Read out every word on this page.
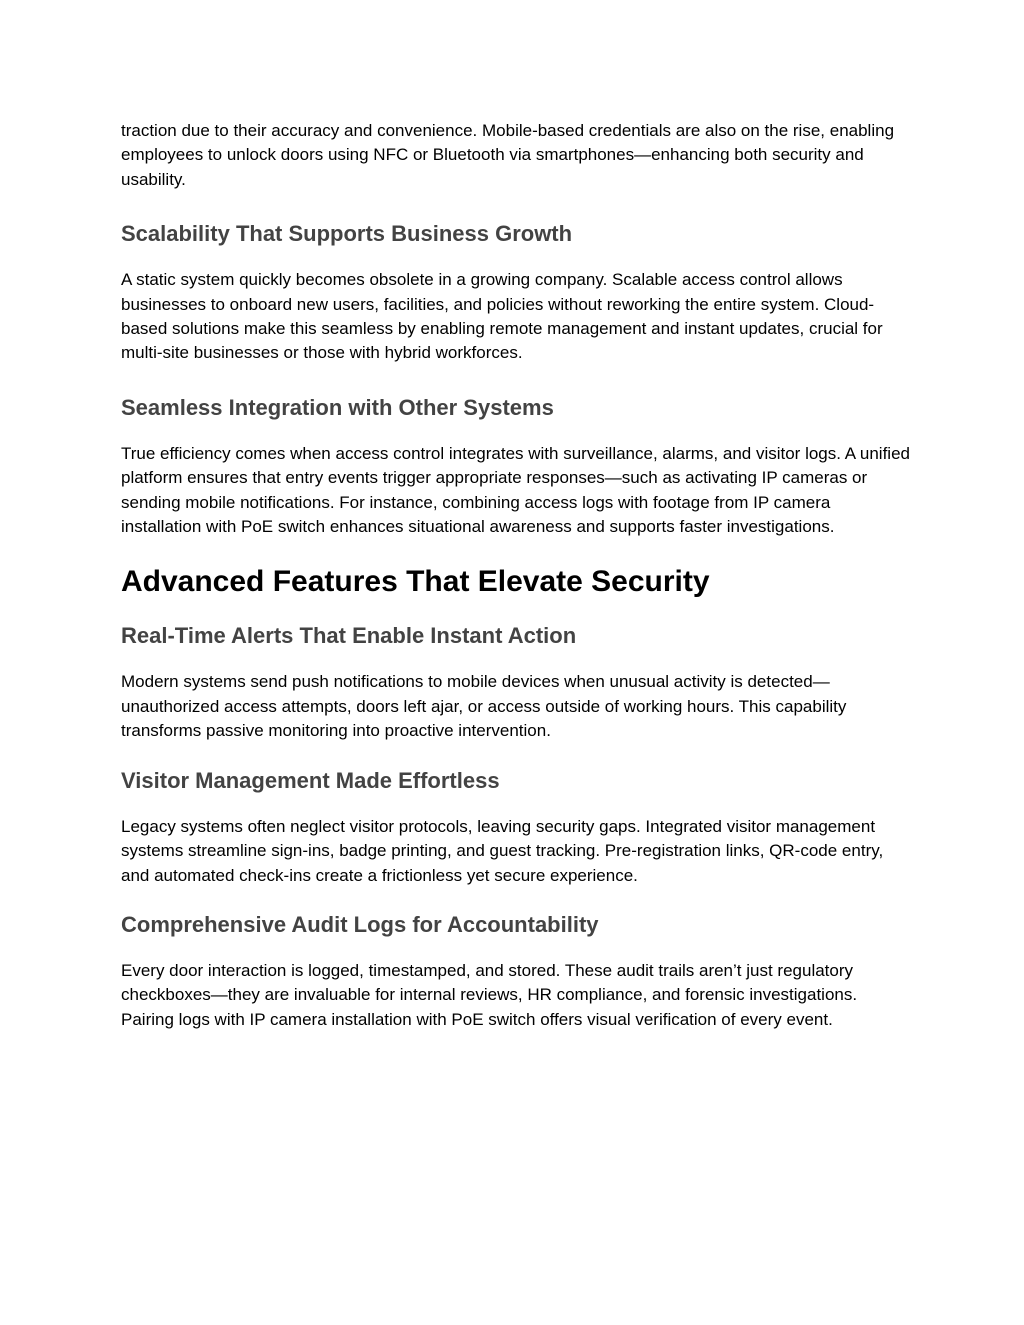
traction due to their accuracy and convenience. Mobile-based credentials are also on the rise, enabling employees to unlock doors using NFC or Bluetooth via smartphones—enhancing both security and usability.

Scalability That Supports Business Growth

A static system quickly becomes obsolete in a growing company. Scalable access control allows businesses to onboard new users, facilities, and policies without reworking the entire system. Cloud-based solutions make this seamless by enabling remote management and instant updates, crucial for multi-site businesses or those with hybrid workforces.

Seamless Integration with Other Systems

True efficiency comes when access control integrates with surveillance, alarms, and visitor logs. A unified platform ensures that entry events trigger appropriate responses—such as activating IP cameras or sending mobile notifications. For instance, combining access logs with footage from IP camera installation with PoE switch enhances situational awareness and supports faster investigations.

Advanced Features That Elevate Security
Real-Time Alerts That Enable Instant Action

Modern systems send push notifications to mobile devices when unusual activity is detected—unauthorized access attempts, doors left ajar, or access outside of working hours. This capability transforms passive monitoring into proactive intervention.

Visitor Management Made Effortless

Legacy systems often neglect visitor protocols, leaving security gaps. Integrated visitor management systems streamline sign-ins, badge printing, and guest tracking. Pre-registration links, QR-code entry, and automated check-ins create a frictionless yet secure experience.

Comprehensive Audit Logs for Accountability

Every door interaction is logged, timestamped, and stored. These audit trails aren’t just regulatory checkboxes—they are invaluable for internal reviews, HR compliance, and forensic investigations. Pairing logs with IP camera installation with PoE switch offers visual verification of every event.
